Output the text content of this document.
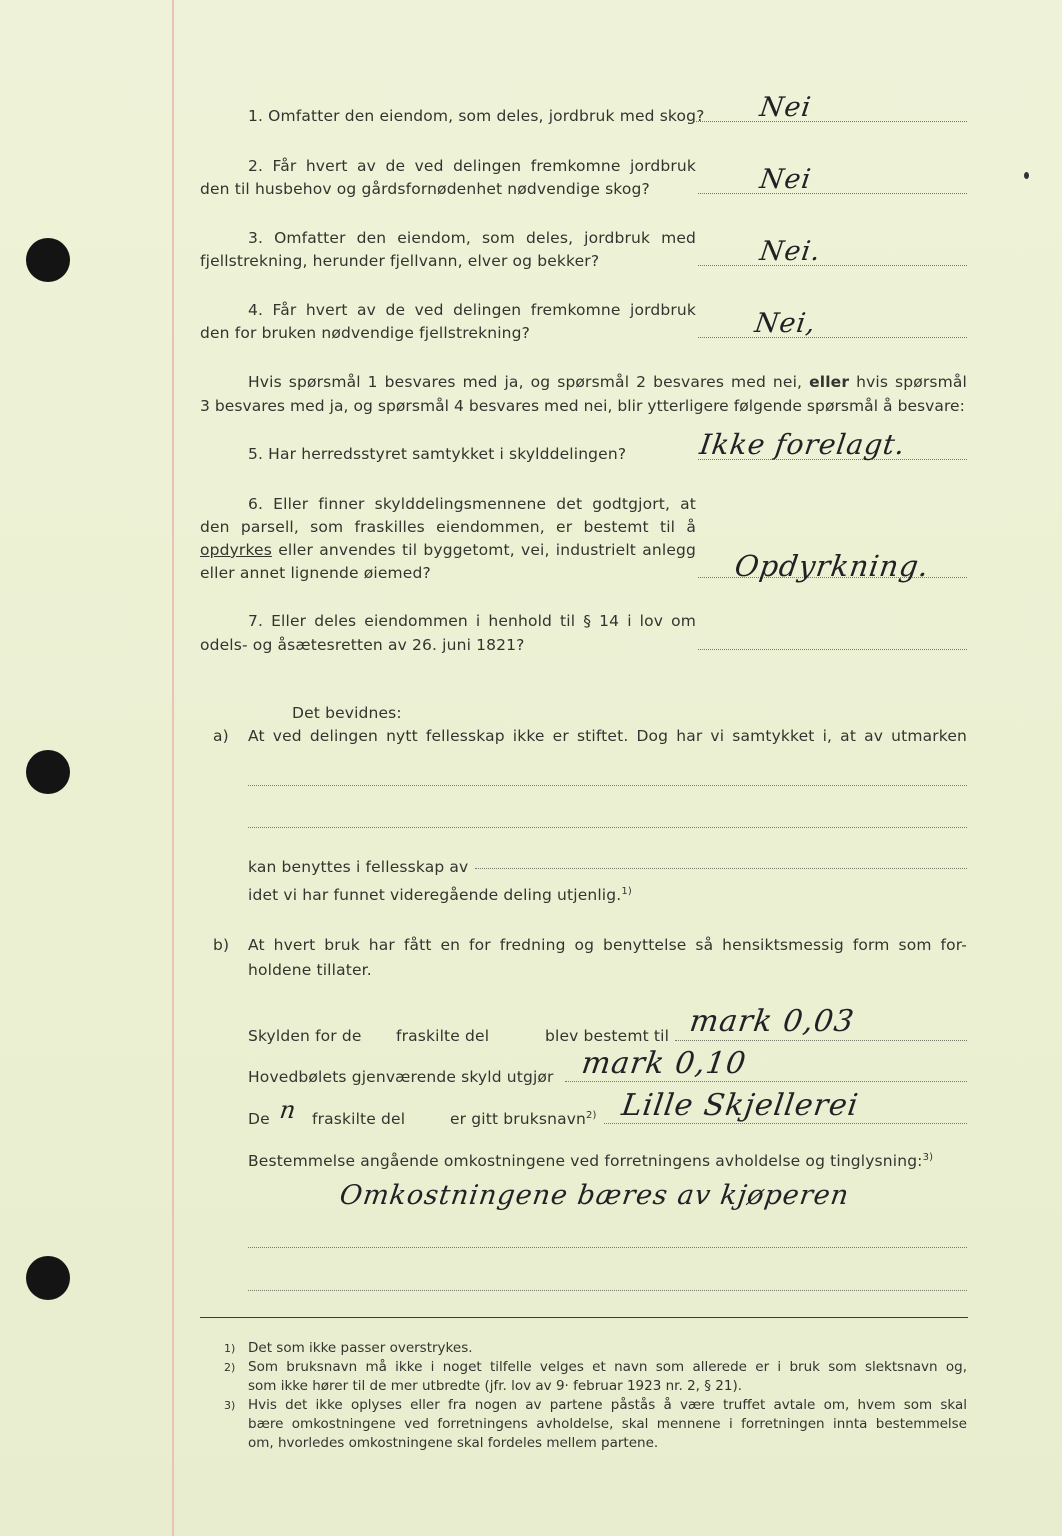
1. Omfatter den eiendom, som deles, jordbruk med skog? Nei
2. Får hvert av de ved delingen fremkomne jordbruk
den til husbehov og gårdsfornødenhet nødvendige skog?	Nei
3. Omfatter den eiendom, som deles, jordbruk med
fjellstrekning, herunder fjellvann, elver og bekker?	Nei.
4. Får hvert av de ved delingen fremkomne jordbruk
den for bruken nødvendige fjellstrekning?	Nei,
Hvis spørsmål 1 besvares med ja, og spørsmål 2 besvares med nei, eller hvis spørsmål
3 besvares med ja, og spørsmål 4 besvares med nei, blir ytterligere følgende spørsmål å besvare:
5. Har herredsstyret samtykket i skylddelingen?	Ikke forelagt.
6. Eller finner skylddelingsmennene det godtgjort, at
den parsell, som fraskilles eiendommen, er bestemt til å
opdyrkes eller anvendes til byggetomt, vei, industrielt anlegg
eller annet lignende øiemed?	Opdyrkning.
7. Eller deles eiendommen i henhold til § 14 i lov om
odels- og åsætesretten av 26. juni 1821?
Det bevidnes:
a) At ved delingen nytt fellesskap ikke er stiftet. Dog har vi samtykket i, at av utmarken
kan benyttes i fellesskap av
idet vi har funnet videregående deling utjenlig.$^{1)}$
b) At hvert bruk har fått en for fredning og benyttelse så hensiktsmessig form som for-
holdene tillater.
Skylden for de fraskilte del	blev bestemt til mark 0,03
Hovedbølets gjenværende skyld utgjør mark 0,10
De n fraskilte del	er gitt bruksnavn$^{2)}$ Lille Skjellerei
Bestemmelse angående omkostningene ved forretningens avholdelse og tinglysning:$^{3)}$
Omkostningene bæres av kjøperen
1) Det som ikke passer overstrykes.
2) Som bruksnavn må ikke i noget tilfelle velges et navn som allerede er i bruk som slektsnavn og,
som ikke hører til de mer utbredte (jfr. lov av 9· februar 1923 nr. 2, § 21).
3) Hvis det ikke oplyses eller fra nogen av partene påstås å være truffet avtale om, hvem som skal
bære omkostningene ved forretningens avholdelse, skal mennene i forretningen innta bestemmelse
om, hvorledes omkostningene skal fordeles mellem partene.
